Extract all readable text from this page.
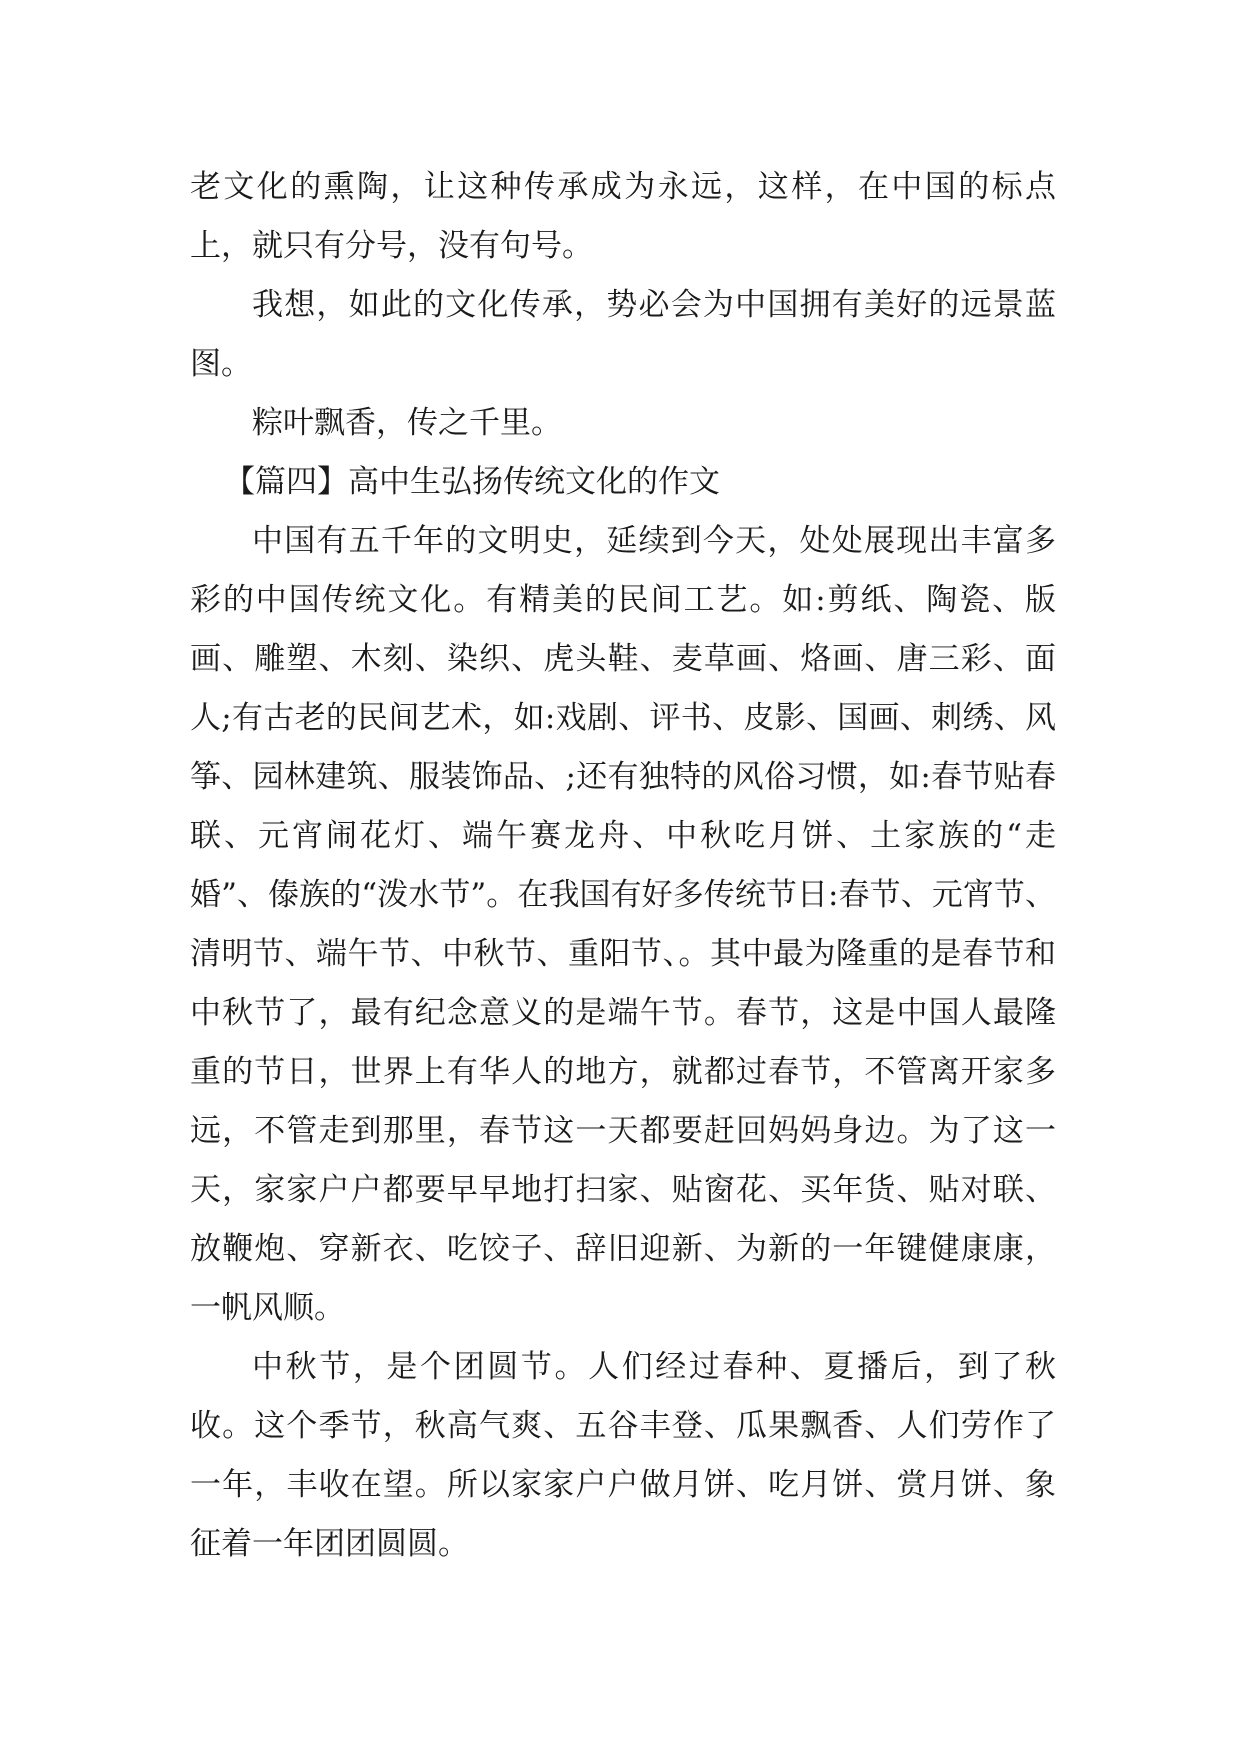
老文化的熏陶，让这种传承成为永远，这样，在中国的标点上，就只有分号，没有句号。

我想，如此的文化传承，势必会为中国拥有美好的远景蓝图。

粽叶飘香，传之千里。

【篇四】高中生弘扬传统文化的作文

中国有五千年的文明史，延续到今天，处处展现出丰富多彩的中国传统文化。有精美的民间工艺。如:剪纸、陶瓷、版画、雕塑、木刻、染织、虎头鞋、麦草画、烙画、唐三彩、面人;有古老的民间艺术，如:戏剧、评书、皮影、国画、刺绣、风筝、园林建筑、服装饰品、;还有独特的风俗习惯，如:春节贴春联、元宵闹花灯、端午赛龙舟、中秋吃月饼、土家族的“走婚”、傣族的“泼水节”。在我国有好多传统节日:春节、元宵节、清明节、端午节、中秋节、重阳节、。其中最为隆重的是春节和中秋节了，最有纪念意义的是端午节。春节，这是中国人最隆重的节日，世界上有华人的地方，就都过春节，不管离开家多远，不管走到那里，春节这一天都要赶回妈妈身边。为了这一天，家家户户都要早早地打扫家、贴窗花、买年货、贴对联、放鞭炮、穿新衣、吃饺子、辞旧迎新、为新的一年键健康康，一帆风顺。

中秋节，是个团圆节。人们经过春种、夏播后，到了秋收。这个季节，秋高气爽、五谷丰登、瓜果飘香、人们劳作了一年，丰收在望。所以家家户户做月饼、吃月饼、赏月饼、象征着一年团团圆圆。
